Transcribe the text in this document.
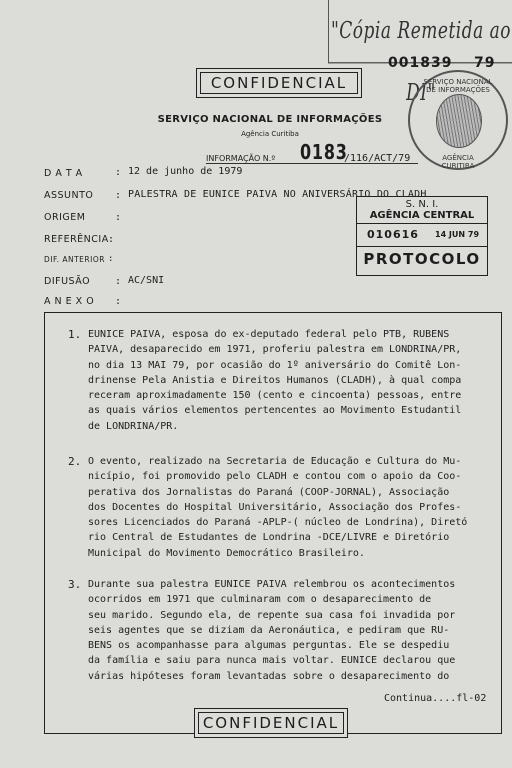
"Cópia Remetida ao DI"
001839 79
CONFIDENCIAL	SERVIÇO NACIONAL DE INFORMAÇÕES
AGÊNCIA CURITIBA
SERVIÇO NACIONAL DE INFORMAÇÕES
Agência Curitiba
INFORMAÇÃO N.º 0183
/116/ACT/79
D A T A	: 12 de junho de 1979
ASSUNTO : PALESTRA DE EUNICE PAIVA NO ANIVERSÁRIO DO CLADH
ORIGEM	:
REFERÊNCIA :
DIF. ANTERIOR :
DIFUSÃO : AC/SNI
A N E X O :
S. N. I.
AGÊNCIA CENTRAL
010616 14 JUN 79
PROTOCOLO
1. EUNICE PAIVA, esposa do ex-deputado federal pelo PTB, RUBENS
PAIVA, desaparecido em 1971, proferiu palestra em LONDRINA/PR,
no dia 13 MAI 79, por ocasião do 1º aniversário do Comitê Lon-
drinense Pela Anistia e Direitos Humanos (CLADH), à qual compa
receram aproximadamente 150 (cento e cincoenta) pessoas, entre
as quais vários elementos pertencentes ao Movimento Estudantil
de LONDRINA/PR.
2. O evento, realizado na Secretaria de Educação e Cultura do Mu-
nicípio, foi promovido pelo CLADH e contou com o apoio da Coo-
perativa dos Jornalistas do Paraná (COOP-JORNAL), Associação
dos Docentes do Hospital Universitário, Associação dos Profes-
sores Licenciados do Paraná -APLP-( núcleo de Londrina), Diretó
rio Central de Estudantes de Londrina -DCE/LIVRE e Diretório
Municipal do Movimento Democrático Brasileiro.
3. Durante sua palestra EUNICE PAIVA relembrou os acontecimentos
ocorridos em 1971 que culminaram com o desaparecimento de
seu marido. Segundo ela, de repente sua casa foi invadida por
seis agentes que se diziam da Aeronáutica, e pediram que RU-
BENS os acompanhasse para algumas perguntas. Ele se despediu
da família e saiu para nunca mais voltar. EUNICE declarou que
várias hipóteses foram levantadas sobre o desaparecimento do
Continua....fl-02
CONFIDENCIAL
